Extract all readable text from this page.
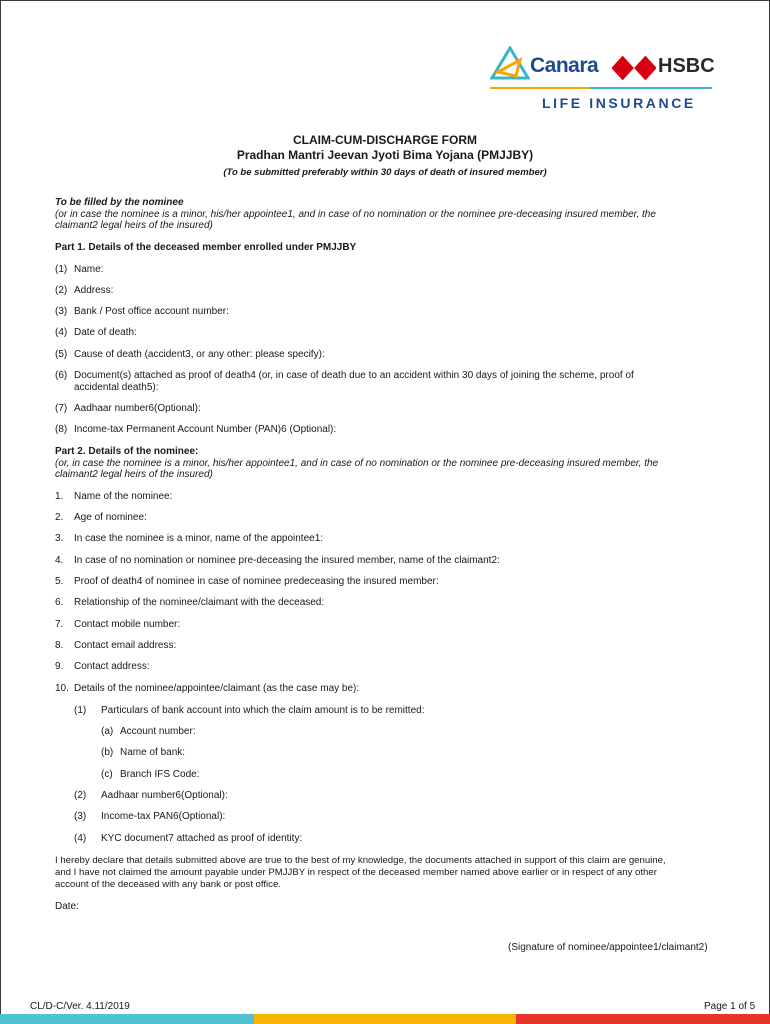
Canara	HSBC
LIFE INSURANCE
CLAIM-CUM-DISCHARGE FORM
Pradhan Mantri Jeevan Jyoti Bima Yojana (PMJJBY)
(To be submitted preferably within 30 days of death of insured member)
To be filled by the nominee
(or in case the nominee is a minor, his/her appointee1, and in case of no nomination or the nominee pre-deceasing insured member, the
claimant2 legal heirs of the insured)
Part 1. Details of the deceased member enrolled under PMJJBY
(1) Name:
(2) Address:
(3) Bank / Post office account number:
(4) Date of death:
(5) Cause of death (accident3, or any other: please specify):
(6) Document(s) attached as proof of death4 (or, in case of death due to an accident within 30 days of joining the scheme, proof of
accidental death5):
(7) Aadhaar number6(Optional):
(8) Income-tax Permanent Account Number (PAN)6 (Optional):
Part 2. Details of the nominee:
(or, in case the nominee is a minor, his/her appointee1, and in case of no nomination or the nominee pre-deceasing insured member, the
claimant2 legal heirs of the insured)
1. Name of the nominee:
2. Age of nominee:
3. In case the nominee is a minor, name of the appointee1:
4. In case of no nomination or nominee pre-deceasing the insured member, name of the claimant2:
5. Proof of death4 of nominee in case of nominee predeceasing the insured member:
6. Relationship of the nominee/claimant with the deceased:
7. Contact mobile number:
8. Contact email address:
9. Contact address:
10. Details of the nominee/appointee/claimant (as the case may be):
(1) Particulars of bank account into which the claim amount is to be remitted:
(a) Account number:
(b) Name of bank:
(c) Branch IFS Code:
(2) Aadhaar number6(Optional):
(3) Income-tax PAN6(Optional):
(4) KYC document7 attached as proof of identity:
I hereby declare that details submitted above are true to the best of my knowledge, the documents attached in support of this claim are genuine,
and I have not claimed the amount payable under PMJJBY in respect of the deceased member named above earlier or in respect of any other
account of the deceased with any bank or post office.
Date:
(Signature of nominee/appointee1/claimant2)
CL/D-C/Ver. 4.11/2019	Page 1 of 5
